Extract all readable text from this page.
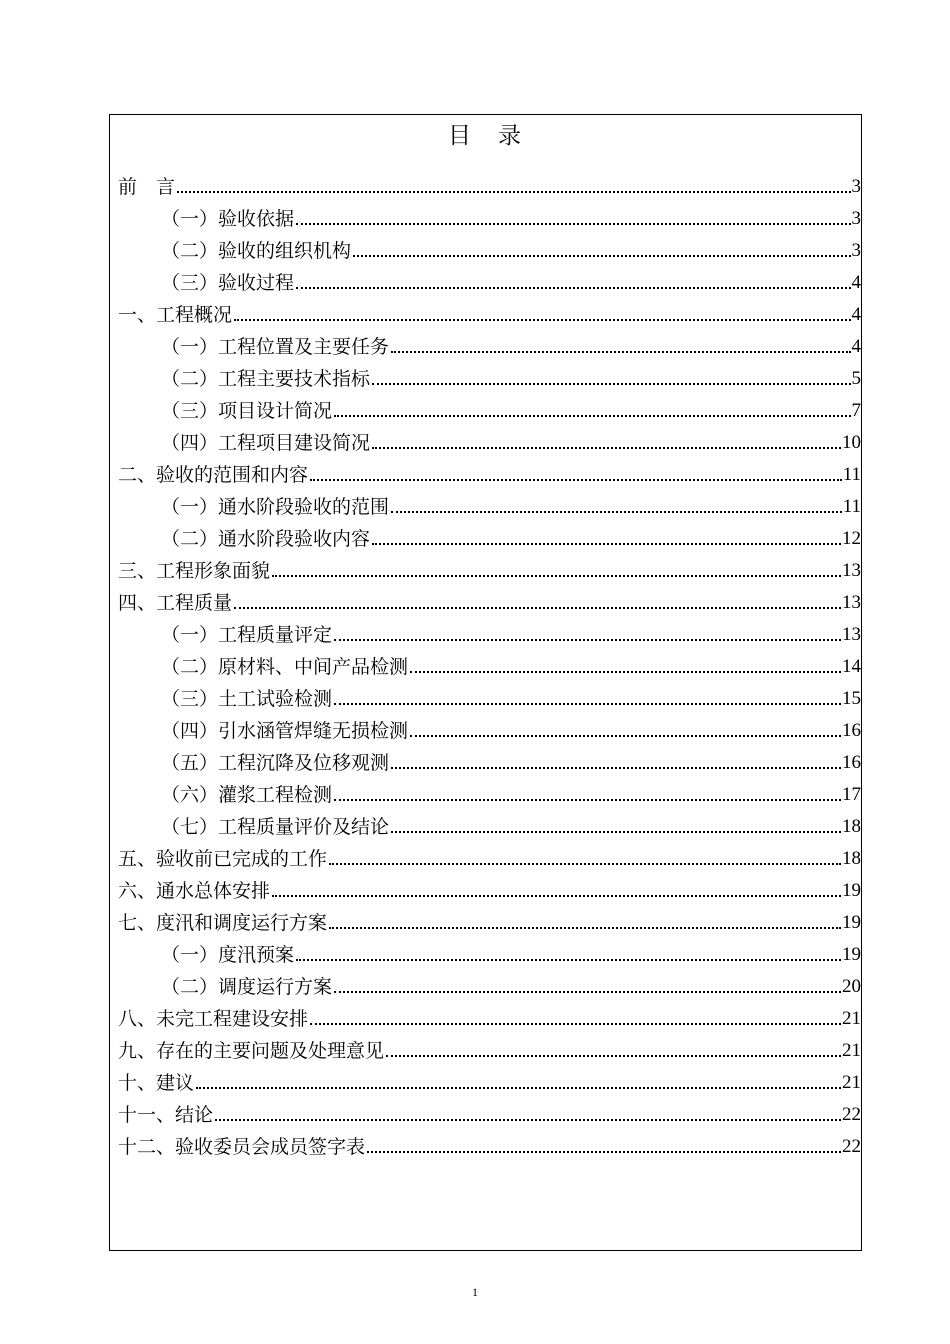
目　录
前　言	3
（一）验收依据	3
（二）验收的组织机构	3
（三）验收过程	4
一、工程概况	4
（一）工程位置及主要任务	4
（二）工程主要技术指标	5
（三）项目设计简况	7
（四）工程项目建设简况	10
二、验收的范围和内容	11
（一）通水阶段验收的范围	11
（二）通水阶段验收内容	12
三、工程形象面貌	13
四、工程质量	13
（一）工程质量评定	13
（二）原材料、中间产品检测	14
（三）土工试验检测	15
（四）引水涵管焊缝无损检测	16
（五）工程沉降及位移观测	16
（六）灌浆工程检测	17
（七）工程质量评价及结论	18
五、验收前已完成的工作	18
六、通水总体安排	19
七、度汛和调度运行方案	19
（一）度汛预案	19
（二）调度运行方案	20
八、未完工程建设安排	21
九、存在的主要问题及处理意见	21
十、建议	21
十一、结论	22
十二、验收委员会成员签字表	22
1
